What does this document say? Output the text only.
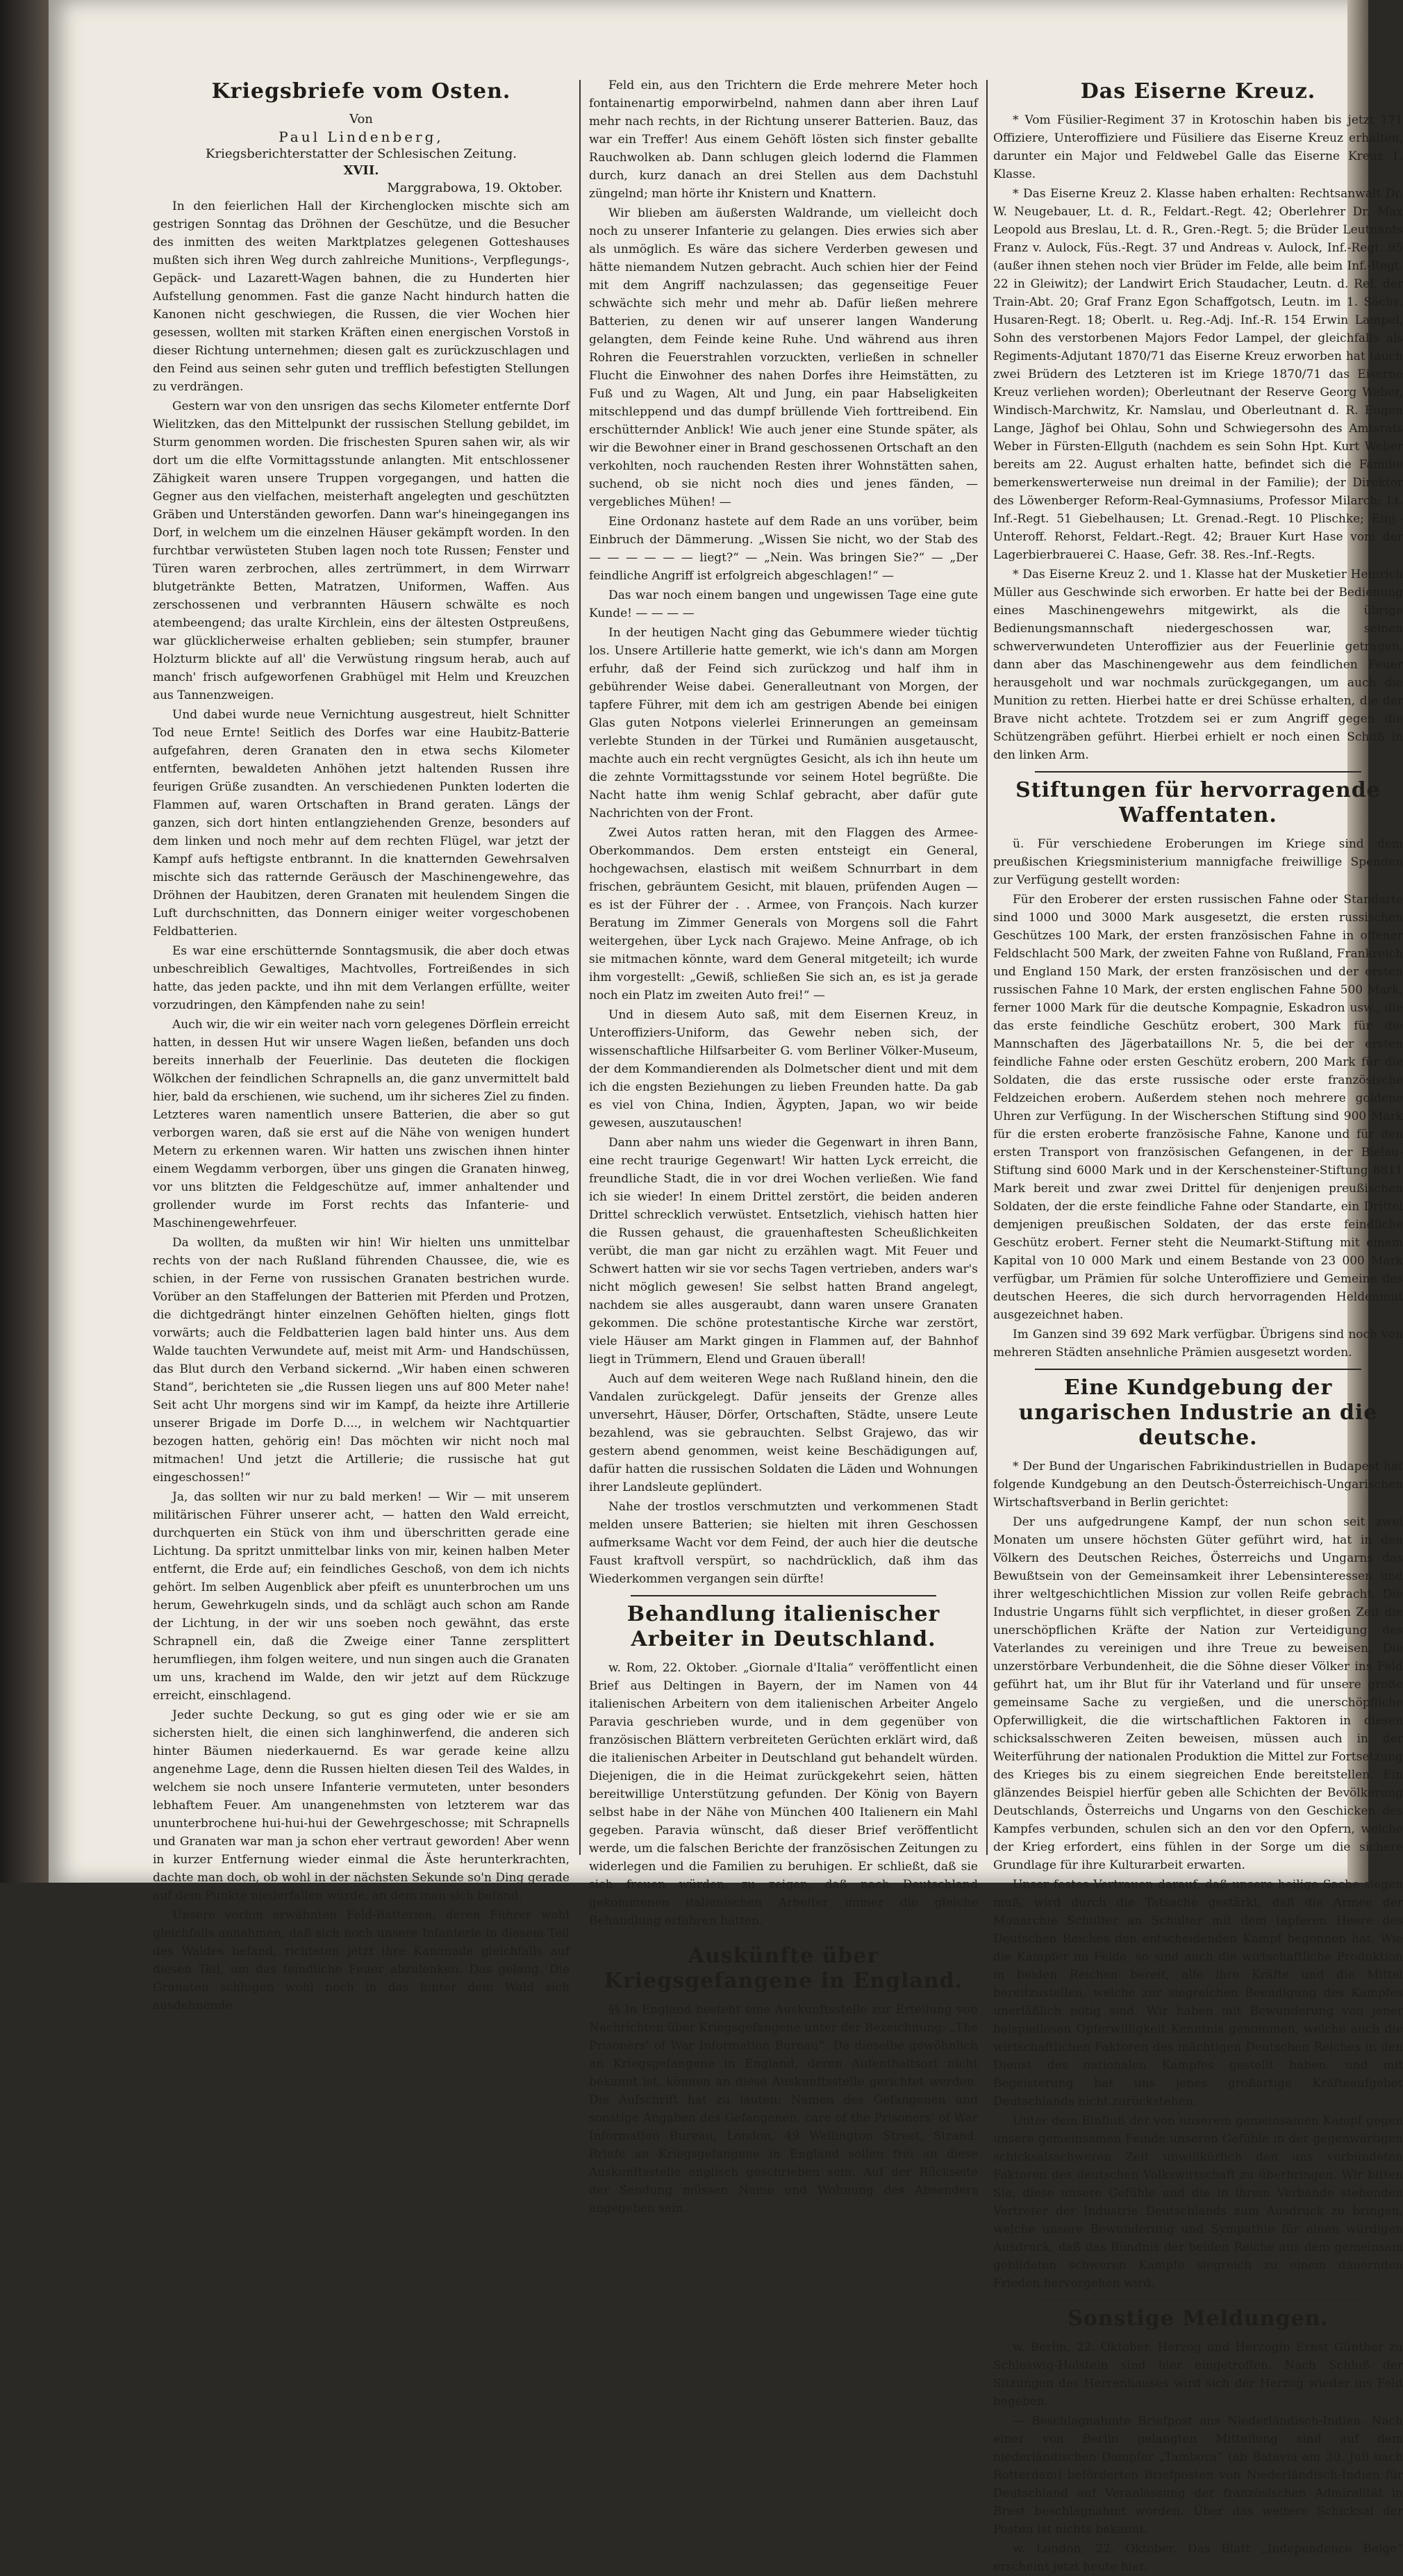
Kriegsbriefe vom Osten.
Von
Paul Lindenberg,
Kriegsberichterstatter der Schlesischen Zeitung.
XVII.
Marggrabowa, 19. Oktober.

In den feierlichen Hall der Kirchenglocken mischte sich am gestrigen Sonntag das Dröhnen der Geschütze, und die Besucher des inmitten des weiten Marktplatzes gelegenen Gotteshauses mußten sich ihren Weg durch zahlreiche Munitions-, Verpflegungs-, Gepäck- und Lazarett-Wagen bahnen, die zu Hunderten hier Aufstellung genommen. Fast die ganze Nacht hindurch hatten die Kanonen nicht geschwiegen, die Russen, die vier Wochen hier gesessen, wollten mit starken Kräften einen energischen Vorstoß in dieser Richtung unternehmen; diesen galt es zurückzuschlagen und den Feind aus seinen sehr guten und trefflich befestigten Stellungen zu verdrängen.

Gestern war von den unsrigen das sechs Kilometer entfernte Dorf Wielitzken, das den Mittelpunkt der russischen Stellung gebildet, im Sturm genommen worden. Die frischesten Spuren sahen wir, als wir dort um die elfte Vormittagsstunde anlangten. Mit entschlossener Zähigkeit waren unsere Truppen vorgegangen, und hatten die Gegner aus den vielfachen, meisterhaft angelegten und geschützten Gräben und Unterständen geworfen. Dann war's hineingegangen ins Dorf, in welchem um die einzelnen Häuser gekämpft worden. In den furchtbar verwüsteten Stuben lagen noch tote Russen; Fenster und Türen waren zerbrochen, alles zertrümmert, in dem Wirrwarr blutgetränkte Betten, Matratzen, Uniformen, Waffen. Aus zerschossenen und verbrannten Häusern schwälte es noch atembeengend; das uralte Kirchlein, eins der ältesten Ostpreußens, war glücklicherweise erhalten geblieben; sein stumpfer, brauner Holzturm blickte auf all' die Verwüstung ringsum herab, auch auf manch' frisch aufgeworfenen Grabhügel mit Helm und Kreuzchen aus Tannenzweigen.

Und dabei wurde neue Vernichtung ausgestreut, hielt Schnitter Tod neue Ernte! Seitlich des Dorfes war eine Haubitz-Batterie aufgefahren, deren Granaten den in etwa sechs Kilometer entfernten, bewaldeten Anhöhen jetzt haltenden Russen ihre feurigen Grüße zusandten. An verschiedenen Punkten loderten die Flammen auf, waren Ortschaften in Brand geraten. Längs der ganzen, sich dort hinten entlangziehenden Grenze, besonders auf dem linken und noch mehr auf dem rechten Flügel, war jetzt der Kampf aufs heftigste entbrannt. In die knatternden Gewehrsalven mischte sich das ratternde Geräusch der Maschinengewehre, das Dröhnen der Haubitzen, deren Granaten mit heulendem Singen die Luft durchschnitten, das Donnern einiger weiter vorgeschobenen Feldbatterien.

Es war eine erschütternde Sonntagsmusik, die aber doch etwas unbeschreiblich Gewaltiges, Machtvolles, Fortreißendes in sich hatte, das jeden packte, und ihn mit dem Verlangen erfüllte, weiter vorzudringen, den Kämpfenden nahe zu sein!

Auch wir, die wir ein weiter nach vorn gelegenes Dörflein erreicht hatten, in dessen Hut wir unsere Wagen ließen, befanden uns doch bereits innerhalb der Feuerlinie. Das deuteten die flockigen Wölkchen der feindlichen Schrapnells an, die ganz unvermittelt bald hier, bald da erschienen, wie suchend, um ihr sicheres Ziel zu finden. Letzteres waren namentlich unsere Batterien, die aber so gut verborgen waren, daß sie erst auf die Nähe von wenigen hundert Metern zu erkennen waren. Wir hatten uns zwischen ihnen hinter einem Wegdamm verborgen, über uns gingen die Granaten hinweg, vor uns blitzten die Feldgeschütze auf, immer anhaltender und grollender wurde im Forst rechts das Infanterie- und Maschinengewehrfeuer.

Da wollten, da mußten wir hin! Wir hielten uns unmittelbar rechts von der nach Rußland führenden Chaussee, die, wie es schien, in der Ferne von russischen Granaten bestrichen wurde. Vorüber an den Staffelungen der Batterien mit Pferden und Protzen, die dichtgedrängt hinter einzelnen Gehöften hielten, gings flott vorwärts; auch die Feldbatterien lagen bald hinter uns. Aus dem Walde tauchten Verwundete auf, meist mit Arm- und Handschüssen, das Blut durch den Verband sickernd. „Wir haben einen schweren Stand“, berichteten sie „die Russen liegen uns auf 800 Meter nahe! Seit acht Uhr morgens sind wir im Kampf, da heizte ihre Artillerie unserer Brigade im Dorfe D...., in welchem wir Nachtquartier bezogen hatten, gehörig ein! Das möchten wir nicht noch mal mitmachen! Und jetzt die Artillerie; die russische hat gut eingeschossen!“

Ja, das sollten wir nur zu bald merken! — Wir — mit unserem militärischen Führer unserer acht, — hatten den Wald erreicht, durchquerten ein Stück von ihm und überschritten gerade eine Lichtung. Da spritzt unmittelbar links von mir, keinen halben Meter entfernt, die Erde auf; ein feindliches Geschoß, von dem ich nichts gehört. Im selben Augenblick aber pfeift es ununterbrochen um uns herum, Gewehrkugeln sinds, und da schlägt auch schon am Rande der Lichtung, in der wir uns soeben noch gewähnt, das erste Schrapnell ein, daß die Zweige einer Tanne zersplittert herumfliegen, ihm folgen weitere, und nun singen auch die Granaten um uns, krachend im Walde, den wir jetzt auf dem Rückzuge erreicht, einschlagend.

Jeder suchte Deckung, so gut es ging oder wie er sie am sichersten hielt, die einen sich langhinwerfend, die anderen sich hinter Bäumen niederkauernd. Es war gerade keine allzu angenehme Lage, denn die Russen hielten diesen Teil des Waldes, in welchem sie noch unsere Infanterie vermuteten, unter besonders lebhaftem Feuer. Am unangenehmsten von letzterem war das ununterbrochene hui-hui-hui der Gewehrgeschosse; mit Schrapnells und Granaten war man ja schon eher vertraut geworden! Aber wenn in kurzer Entfernung wieder einmal die Äste herunterkrachten, dachte man doch, ob wohl in der nächsten Sekunde so'n Ding gerade auf dem Punkte niederfallen würde, an dem man sich befand.

Unsere vorhin erwähnten Feld-Batterien, deren Führer wohl gleichfalls annahmen, daß sich noch unsere Infanterie in diesem Teil des Waldes befand, richteten jetzt ihre Kanonade gleichfalls auf diesen Teil, um das feindliche Feuer abzulenken. Das gelang. Die Granaten schlugen wohl noch in das hinter dem Wald sich ausdehnende

Feld ein, aus den Trichtern die Erde mehrere Meter hoch fontainenartig emporwirbelnd, nahmen dann aber ihren Lauf mehr nach rechts, in der Richtung unserer Batterien. Bauz, das war ein Treffer! Aus einem Gehöft lösten sich finster geballte Rauchwolken ab. Dann schlugen gleich lodernd die Flammen durch, kurz danach an drei Stellen aus dem Dachstuhl züngelnd; man hörte ihr Knistern und Knattern.

Wir blieben am äußersten Waldrande, um vielleicht doch noch zu unserer Infanterie zu gelangen. Dies erwies sich aber als unmöglich. Es wäre das sichere Verderben gewesen und hätte niemandem Nutzen gebracht. Auch schien hier der Feind mit dem Angriff nachzulassen; das gegenseitige Feuer schwächte sich mehr und mehr ab. Dafür ließen mehrere Batterien, zu denen wir auf unserer langen Wanderung gelangten, dem Feinde keine Ruhe. Und während aus ihren Rohren die Feuerstrahlen vorzuckten, verließen in schneller Flucht die Einwohner des nahen Dorfes ihre Heimstätten, zu Fuß und zu Wagen, Alt und Jung, ein paar Habseligkeiten mitschleppend und das dumpf brüllende Vieh forttreibend. Ein erschütternder Anblick! Wie auch jener eine Stunde später, als wir die Bewohner einer in Brand geschossenen Ortschaft an den verkohlten, noch rauchenden Resten ihrer Wohnstätten sahen, suchend, ob sie nicht noch dies und jenes fänden, — vergebliches Mühen! —

Eine Ordonanz hastete auf dem Rade an uns vorüber, beim Einbruch der Dämmerung. „Wissen Sie nicht, wo der Stab des — — — — — — liegt?“ — „Nein. Was bringen Sie?“ — „Der feindliche Angriff ist erfolgreich abgeschlagen!“ —

Das war noch einem bangen und ungewissen Tage eine gute Kunde! — — — —

In der heutigen Nacht ging das Gebummere wieder tüchtig los. Unsere Artillerie hatte gemerkt, wie ich's dann am Morgen erfuhr, daß der Feind sich zurückzog und half ihm in gebührender Weise dabei. Generalleutnant von Morgen, der tapfere Führer, mit dem ich am gestrigen Abende bei einigen Glas guten Notpons vielerlei Erinnerungen an gemeinsam verlebte Stunden in der Türkei und Rumänien ausgetauscht, machte auch ein recht vergnügtes Gesicht, als ich ihn heute um die zehnte Vormittagsstunde vor seinem Hotel begrüßte. Die Nacht hatte ihm wenig Schlaf gebracht, aber dafür gute Nachrichten von der Front.

Zwei Autos ratten heran, mit den Flaggen des Armee-Oberkommandos. Dem ersten entsteigt ein General, hochgewachsen, elastisch mit weißem Schnurrbart in dem frischen, gebräuntem Gesicht, mit blauen, prüfenden Augen — es ist der Führer der . . Armee, von François. Nach kurzer Beratung im Zimmer Generals von Morgens soll die Fahrt weitergehen, über Lyck nach Grajewo. Meine Anfrage, ob ich sie mitmachen könnte, ward dem General mitgeteilt; ich wurde ihm vorgestellt: „Gewiß, schließen Sie sich an, es ist ja gerade noch ein Platz im zweiten Auto frei!“ —

Und in diesem Auto saß, mit dem Eisernen Kreuz, in Unteroffiziers-Uniform, das Gewehr neben sich, der wissenschaftliche Hilfsarbeiter G. vom Berliner Völker-Museum, der dem Kommandierenden als Dolmetscher dient und mit dem ich die engsten Beziehungen zu lieben Freunden hatte. Da gab es viel von China, Indien, Ägypten, Japan, wo wir beide gewesen, auszutauschen!

Dann aber nahm uns wieder die Gegenwart in ihren Bann, eine recht traurige Gegenwart! Wir hatten Lyck erreicht, die freundliche Stadt, die in vor drei Wochen verließen. Wie fand ich sie wieder! In einem Drittel zerstört, die beiden anderen Drittel schrecklich verwüstet. Entsetzlich, viehisch hatten hier die Russen gehaust, die grauenhaftesten Scheußlichkeiten verübt, die man gar nicht zu erzählen wagt. Mit Feuer und Schwert hatten wir sie vor sechs Tagen vertrieben, anders war's nicht möglich gewesen! Sie selbst hatten Brand angelegt, nachdem sie alles ausgeraubt, dann waren unsere Granaten gekommen. Die schöne protestantische Kirche war zerstört, viele Häuser am Markt gingen in Flammen auf, der Bahnhof liegt in Trümmern, Elend und Grauen überall!

Auch auf dem weiteren Wege nach Rußland hinein, den die Vandalen zurückgelegt. Dafür jenseits der Grenze alles unversehrt, Häuser, Dörfer, Ortschaften, Städte, unsere Leute bezahlend, was sie gebrauchten. Selbst Grajewo, das wir gestern abend genommen, weist keine Beschädigungen auf, dafür hatten die russischen Soldaten die Läden und Wohnungen ihrer Landsleute geplündert.

Nahe der trostlos verschmutzten und verkommenen Stadt melden unsere Batterien; sie hielten mit ihren Geschossen aufmerksame Wacht vor dem Feind, der auch hier die deutsche Faust kraftvoll verspürt, so nachdrücklich, daß ihm das Wiederkommen vergangen sein dürfte!

Behandlung italienischer Arbeiter in Deutschland.

w. Rom, 22. Oktober. „Giornale d'Italia“ veröffentlicht einen Brief aus Deltingen in Bayern, der im Namen von 44 italienischen Arbeitern von dem italienischen Arbeiter Angelo Paravia geschrieben wurde, und in dem gegenüber von französischen Blättern verbreiteten Gerüchten erklärt wird, daß die italienischen Arbeiter in Deutschland gut behandelt würden. Diejenigen, die in die Heimat zurückgekehrt seien, hätten bereitwillige Unterstützung gefunden. Der König von Bayern selbst habe in der Nähe von München 400 Italienern ein Mahl gegeben. Paravia wünscht, daß dieser Brief veröffentlicht werde, um die falschen Berichte der französischen Zeitungen zu widerlegen und die Familien zu beruhigen. Er schließt, daß sie sich freuen würden, zu zeigen, daß nach Deutschland gekommenen italienischen Arbeiter immer die gleiche Behandlung erfahren hätten.

Auskünfte über Kriegsgefangene in England.

§§ In England besteht eine Auskunftsstelle zur Erteilung von Nachrichten über Kriegsgefangene unter der Bezeichnung: „The Prisoners' of War Information Bureau“. Da dieselbe gewöhnlich an Kriegsgefangene in England, deren Aufenthaltsort nicht bekannt ist, können an diese Auskunftsstelle gerichtet werden. Die Aufschrift hat zu lauten: Namen des Gefangenen und sonstige Angaben des Gefangenen, care of the Prisoners' of War Information Bureau, London, 49 Wellington Street, Strand. Briefe an Kriegsgefangene in England sollen frei an diese Auskunftsstelle englisch geschrieben sein. Auf der Rückseite der Sendung müssen Name und Wohnung des Absenders angegeben sein.

Das Eiserne Kreuz.

* Vom Füsilier-Regiment 37 in Krotoschin haben bis jetzt 171 Offiziere, Unteroffiziere und Füsiliere das Eiserne Kreuz erhalten, darunter ein Major und Feldwebel Galle das Eiserne Kreuz 1. Klasse.

* Das Eiserne Kreuz 2. Klasse haben erhalten: Rechtsanwalt Dr. W. Neugebauer, Lt. d. R., Feldart.-Regt. 42; Oberlehrer Dr. Max Leopold aus Breslau, Lt. d. R., Gren.-Regt. 5; die Brüder Leutnants Franz v. Aulock, Füs.-Regt. 37 und Andreas v. Aulock, Inf.-Regt. 95 (außer ihnen stehen noch vier Brüder im Felde, alle beim Inf.-Regt. 22 in Gleiwitz); der Landwirt Erich Staudacher, Leutn. d. Ref. der Train-Abt. 20; Graf Franz Egon Schaffgotsch, Leutn. im 1. Sächs. Husaren-Regt. 18; Oberlt. u. Reg.-Adj. Inf.-R. 154 Erwin Lampel, Sohn des verstorbenen Majors Fedor Lampel, der gleichfalls als Regiments-Adjutant 1870/71 das Eiserne Kreuz erworben hat (auch zwei Brüdern des Letzteren ist im Kriege 1870/71 das Eiserne Kreuz verliehen worden); Oberleutnant der Reserve Georg Weber, Windisch-Marchwitz, Kr. Namslau, und Oberleutnant d. R. Eugen Lange, Jäghof bei Ohlau, Sohn und Schwiegersohn des Amtsrats Weber in Fürsten-Ellguth (nachdem es sein Sohn Hpt. Kurt Weber bereits am 22. August erhalten hatte, befindet sich die Familie bemerkenswerterweise nun dreimal in der Familie); der Direktor des Löwenberger Reform-Real-Gymnasiums, Professor Milarch; Lt. Inf.-Regt. 51 Giebelhausen; Lt. Grenad.-Regt. 10 Plischke; Einj.-Unteroff. Rehorst, Feldart.-Regt. 42; Brauer Kurt Hase vom der Lagerbierbrauerei C. Haase, Gefr. 38. Res.-Inf.-Regts.

* Das Eiserne Kreuz 2. und 1. Klasse hat der Musketier Heinrich Müller aus Geschwinde sich erworben. Er hatte bei der Bedienung eines Maschinengewehrs mitgewirkt, als die übrige Bedienungsmannschaft niedergeschossen war, seinen schwerverwundeten Unteroffizier aus der Feuerlinie getragen, dann aber das Maschinengewehr aus dem feindlichen Feuer herausgeholt und war nochmals zurückgegangen, um auch die Munition zu retten. Hierbei hatte er drei Schüsse erhalten, die der Brave nicht achtete. Trotzdem sei er zum Angriff gegen die Schützengräben geführt. Hierbei erhielt er noch einen Schuß in den linken Arm.

Stiftungen für hervorragende Waffentaten.

ü. Für verschiedene Eroberungen im Kriege sind dem preußischen Kriegsministerium mannigfache freiwillige Spenden zur Verfügung gestellt worden:

Für den Eroberer der ersten russischen Fahne oder Standarte sind 1000 und 3000 Mark ausgesetzt, die ersten russischen Geschützes 100 Mark, der ersten französischen Fahne in offener Feldschlacht 500 Mark, der zweiten Fahne von Rußland, Frankreich und England 150 Mark, der ersten französischen und der ersten russischen Fahne 10 Mark, der ersten englischen Fahne 500 Mark, ferner 1000 Mark für die deutsche Kompagnie, Eskadron usw., die das erste feindliche Geschütz erobert, 300 Mark für die Mannschaften des Jägerbataillons Nr. 5, die bei der ersten feindliche Fahne oder ersten Geschütz erobern, 200 Mark für die Soldaten, die das erste russische oder erste französische Feldzeichen erobern. Außerdem stehen noch mehrere goldene Uhren zur Verfügung. In der Wischerschen Stiftung sind 900 Mark für die ersten eroberte französische Fahne, Kanone und für den ersten Transport von französischen Gefangenen, in der Bielau-Stiftung sind 6000 Mark und in der Kerschensteiner-Stiftung 8811 Mark bereit und zwar zwei Drittel für denjenigen preußischen Soldaten, der die erste feindliche Fahne oder Standarte, ein Drittel demjenigen preußischen Soldaten, der das erste feindliche Geschütz erobert. Ferner steht die Neumarkt-Stiftung mit einem Kapital von 10 000 Mark und einem Bestande von 23 000 Mark verfügbar, um Prämien für solche Unteroffiziere und Gemeine des deutschen Heeres, die sich durch hervorragenden Heldenmut ausgezeichnet haben.

Im Ganzen sind 39 692 Mark verfügbar. Übrigens sind noch von mehreren Städten ansehnliche Prämien ausgesetzt worden.

Eine Kundgebung der ungarischen Industrie an die deutsche.

* Der Bund der Ungarischen Fabrikindustriellen in Budapest hat folgende Kundgebung an den Deutsch-Österreichisch-Ungarischen Wirtschaftsverband in Berlin gerichtet:

Der uns aufgedrungene Kampf, der nun schon seit zwei Monaten um unsere höchsten Güter geführt wird, hat in den Völkern des Deutschen Reiches, Österreichs und Ungarns das Bewußtsein von der Gemeinsamkeit ihrer Lebensinteressen und ihrer weltgeschichtlichen Mission zur vollen Reife gebracht. Die Industrie Ungarns fühlt sich verpflichtet, in dieser großen Zeit die unerschöpflichen Kräfte der Nation zur Verteidigung des Vaterlandes zu vereinigen und ihre Treue zu beweisen. Die unzerstörbare Verbundenheit, die die Söhne dieser Völker ins Feld geführt hat, um ihr Blut für ihr Vaterland und für unsere große gemeinsame Sache zu vergießen, und die unerschöpfliche Opferwilligkeit, die die wirtschaftlichen Faktoren in diesen schicksalsschweren Zeiten beweisen, müssen auch in der Weiterführung der nationalen Produktion die Mittel zur Fortsetzung des Krieges bis zu einem siegreichen Ende bereitstellen. Ein glänzendes Beispiel hierfür geben alle Schichten der Bevölkerung Deutschlands, Österreichs und Ungarns von den Geschicken des Kampfes verbunden, schulen sich an den vor den Opfern, welche der Krieg erfordert, eins fühlen in der Sorge um die sichere Grundlage für ihre Kulturarbeit erwarten.

Unser festes Vertrauen darauf, daß unsere heilige Sache siegen muß, wird durch die Tatsache gestärkt, daß die Armee der Monarchie Schulter an Schulter mit dem tapferen Heere des Deutschen Reiches den entscheidenden Kampf begonnen hat. Wie die Kämpfer im Felde, so sind auch die wirtschaftliche Produktion in beiden Reichen bereit, alle ihre Kräfte und die Mittel bereitzustellen, welche zur siegreichen Beendigung des Kampfes unerläßlich nötig sind. Wir haben mit Bewunderung von jener beispiellosen Opferwilligkeit Kenntnis genommen, welche auch die wirtschaftlichen Faktoren des mächtigen Deutschen Reiches in den Dienst des nationalen Kampfes gestellt haben, und mit Begeisterung hat uns jenes großartige Kräfteaufgebot Deutschlands nicht zurückstehen.

Unter dem Einfluß der von unserem gemeinsamen Kampf gegen unsere gemeinsamen Feinde unseren Gefühle in der gegenwärtigen schicksalsschweren Zeit unwillkürlich den uns verbündeten Faktoren des deutschen Volkswirtschaft zu überbringen. Wir bitten Sie, diese unsere Gefühle und die in ihrem Verbande stehenden Vertreter der Industrie Deutschlands zum Ausdruck zu bringen, welche unsere Bewunderung und Sympathie für einen würdigen Ausdruck, daß das Bündnis der beiden Reiche aus dem gemeinsam gebildeten schweren Kampfe siegreich zu einem dauernden Frieden hervorgehen wird.

Sonstige Meldungen.

w. Berlin, 22. Oktober. Herzog und Herzogin Ernst Günther zu Schleswig-Holstein sind hier eingetroffen. Nach Schluß der Sitzungen des Herrenhauses wird sich der Herzog wieder ins Feld begeben.

— Beschlagnahmte Briefpost aus Niederländisch-Indien. Nach einer von Berlin gelangten Mitteilung sind auf dem niederländischen Dampfer „Tambora“ (ab Batavia am 30. Juli nach Rotterdam) beförderten Briefposten von Niederländisch-Indien für Deutschland auf Veranlassung der französischen Admiralität in Brest beschlagnahmt worden. Über das weitere Schicksal der Posten ist nichts bekannt.

w. London, 22. Oktober. Das Blatt „Independence Belge“ erscheint jetzt heute hier.
